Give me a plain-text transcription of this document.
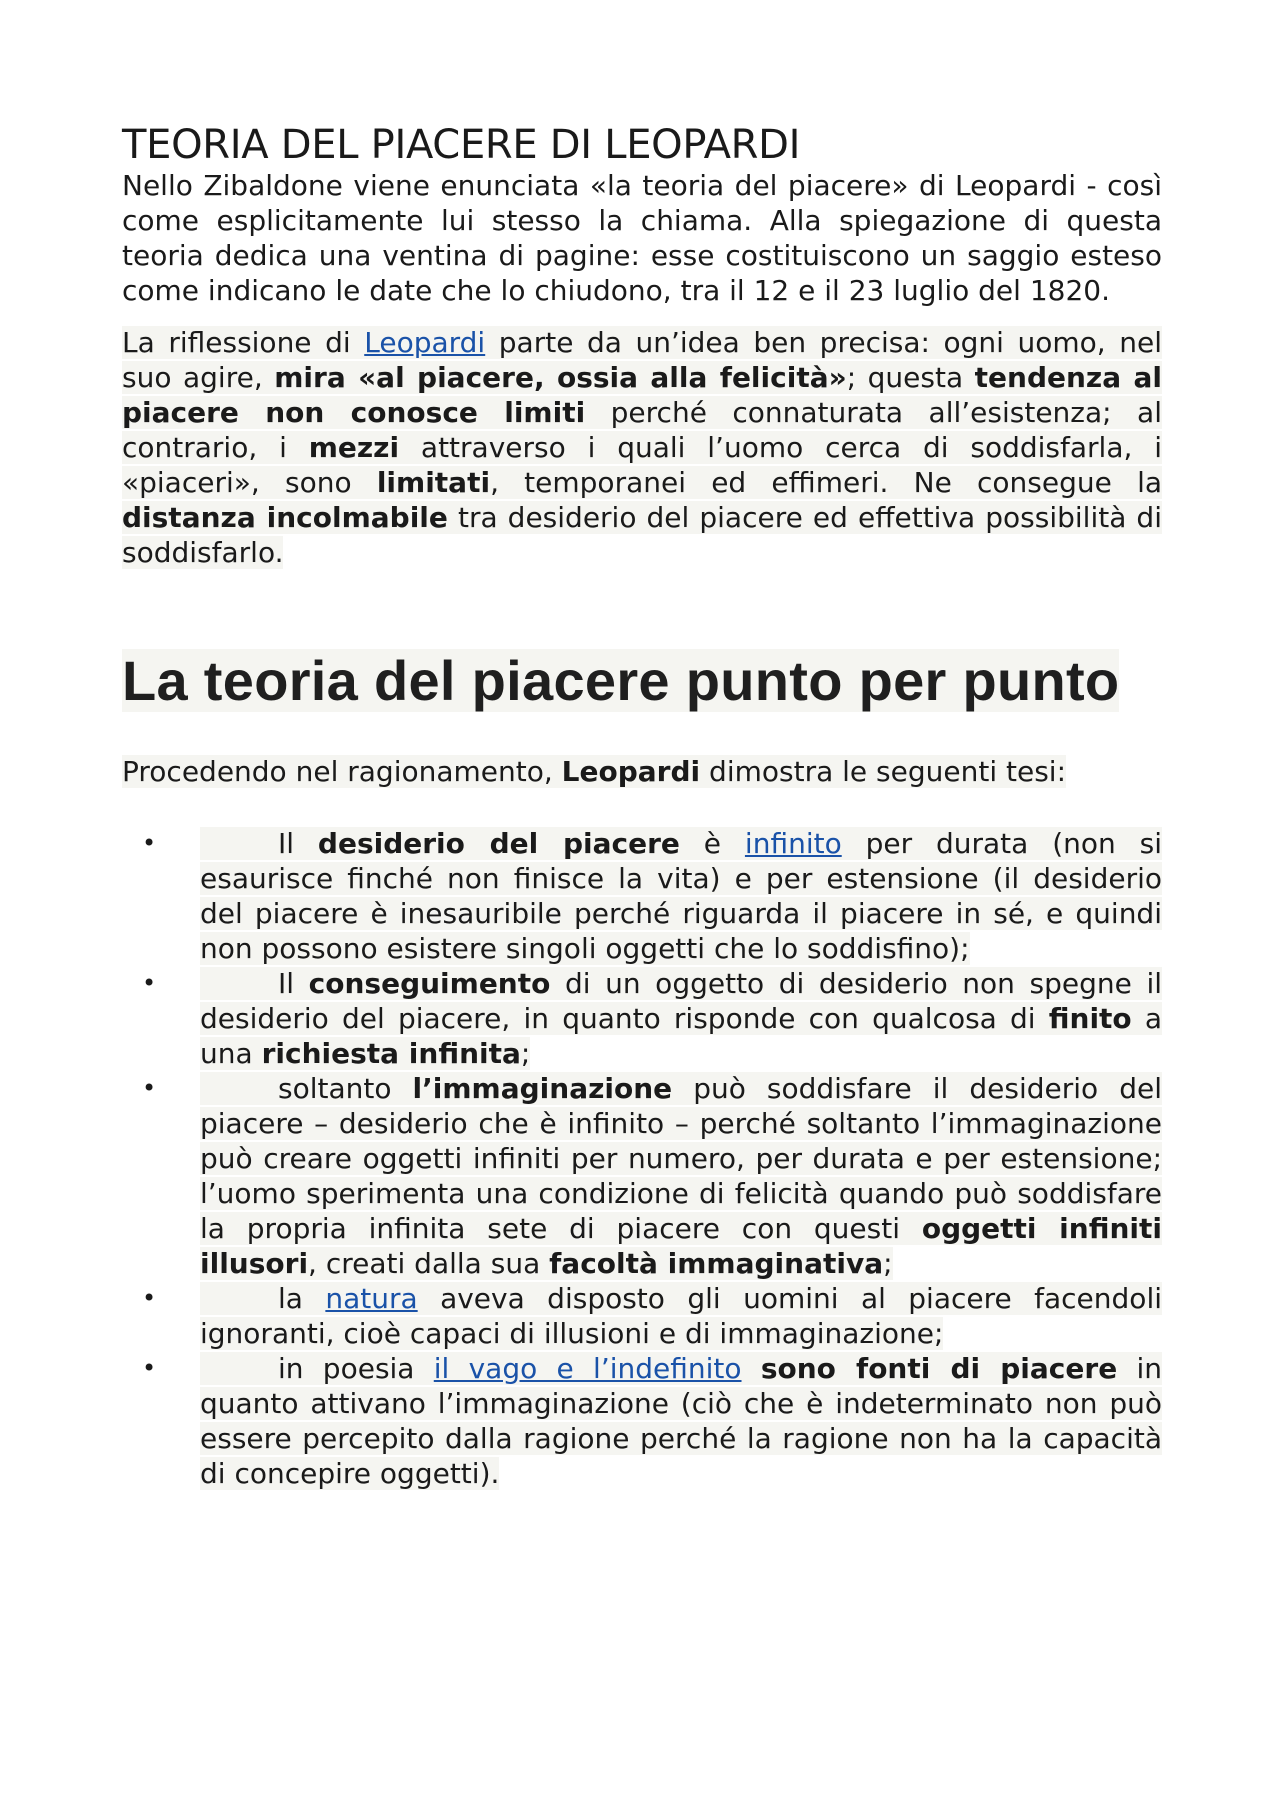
TEORIA DEL PIACERE DI LEOPARDI

Nello Zibaldone viene enunciata «la teoria del piacere» di Leopardi - così come esplicitamente lui stesso la chiama. Alla spiegazione di questa teoria dedica una ventina di pagine: esse costituiscono un saggio esteso come indicano le date che lo chiudono, tra il 12 e il 23 luglio del 1820.

La riflessione di Leopardi parte da un’idea ben precisa: ogni uomo, nel suo agire, mira «al piacere, ossia alla felicità»; questa tendenza al piacere non conosce limiti perché connaturata all’esistenza; al contrario, i mezzi attraverso i quali l’uomo cerca di soddisfarla, i «piaceri», sono limitati, temporanei ed effimeri. Ne consegue la distanza incolmabile tra desiderio del piacere ed effettiva possibilità di soddisfarlo.

La teoria del piacere punto per punto

Procedendo nel ragionamento, Leopardi dimostra le seguenti tesi:

•	Il desiderio del piacere è infinito per durata (non si esaurisce finché non finisce la vita) e per estensione (il desiderio del piacere è inesauribile perché riguarda il piacere in sé, e quindi non possono esistere singoli oggetti che lo soddisfino);
•	Il conseguimento di un oggetto di desiderio non spegne il desiderio del piacere, in quanto risponde con qualcosa di finito a una richiesta infinita;
•	soltanto l’immaginazione può soddisfare il desiderio del piacere – desiderio che è infinito – perché soltanto l’immaginazione può creare oggetti infiniti per numero, per durata e per estensione; l’uomo sperimenta una condizione di felicità quando può soddisfare la propria infinita sete di piacere con questi oggetti infiniti illusori, creati dalla sua facoltà immaginativa;
•	la natura aveva disposto gli uomini al piacere facendoli ignoranti, cioè capaci di illusioni e di immaginazione;
•	in poesia il vago e l’indefinito sono fonti di piacere in quanto attivano l’immaginazione (ciò che è indeterminato non può essere percepito dalla ragione perché la ragione non ha la capacità di concepire oggetti).
